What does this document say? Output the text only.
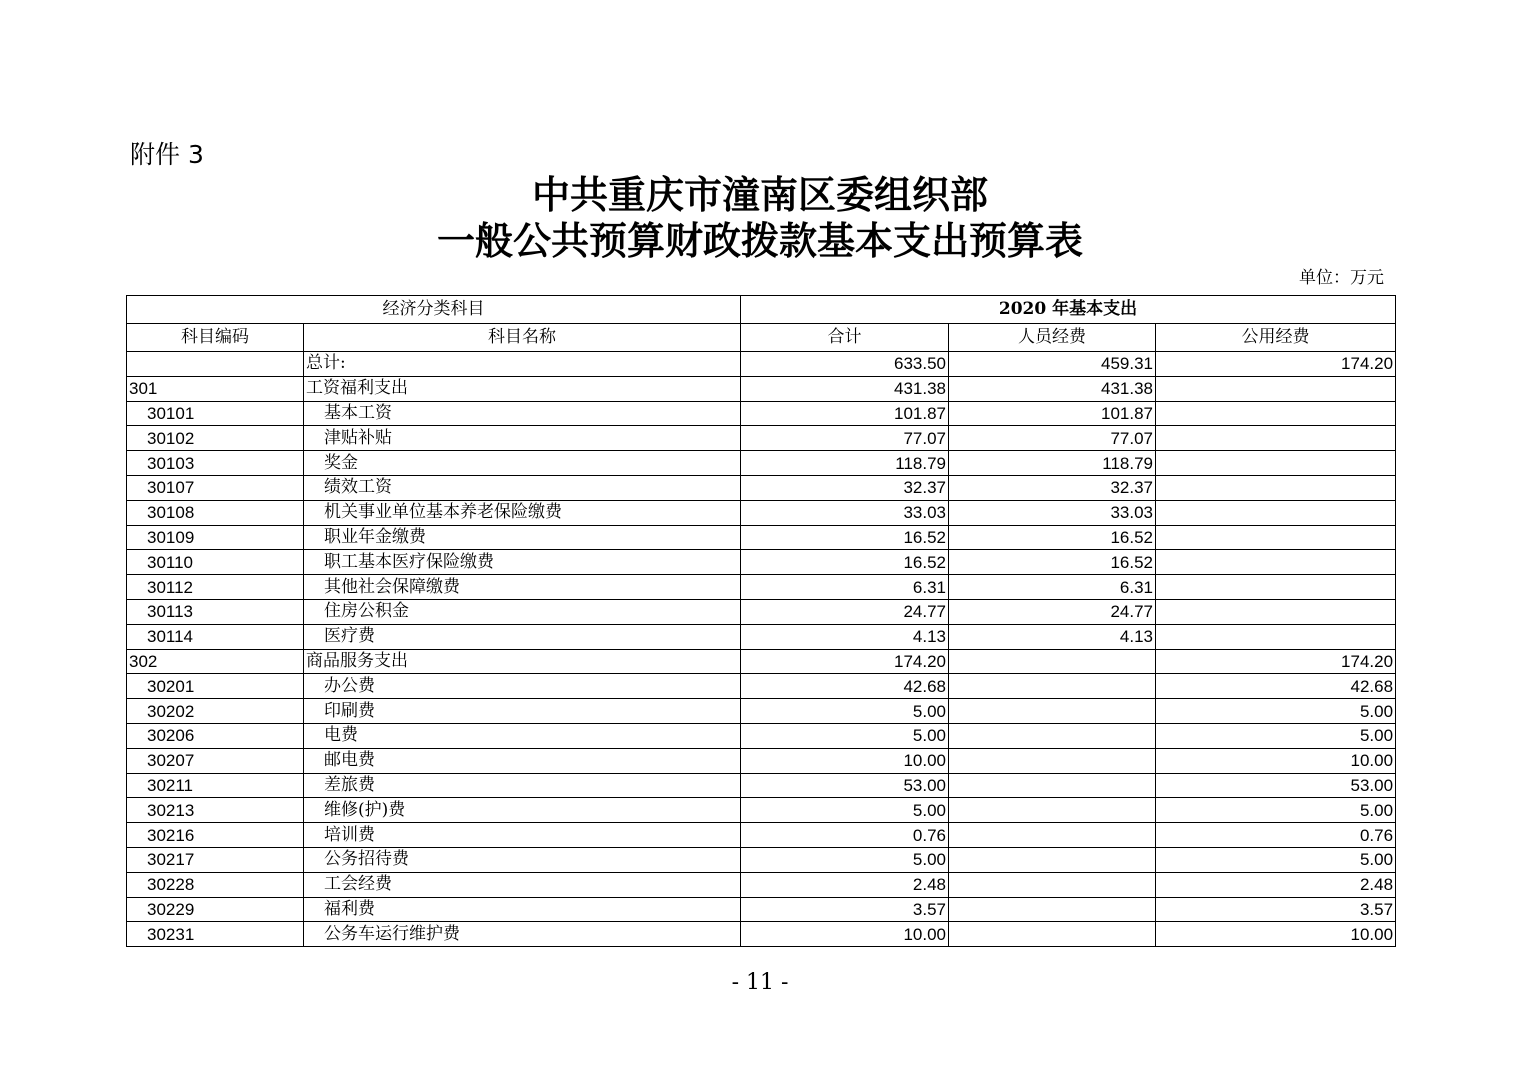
附件 3
中共重庆市潼南区委组织部
一般公共预算财政拨款基本支出预算表
单位：万元
经济分类科目		2020 年基本支出		
科目编码	科目名称	合计	人员经费	公用经费
	总计:	633.50	459.31	174.20
301	工资福利支出	431.38	431.38	
30101	基本工资	101.87	101.87	
30102	津贴补贴	77.07	77.07	
30103	奖金	118.79	118.79	
30107	绩效工资	32.37	32.37	
30108	机关事业单位基本养老保险缴费	33.03	33.03	
30109	职业年金缴费	16.52	16.52	
30110	职工基本医疗保险缴费	16.52	16.52	
30112	其他社会保障缴费	6.31	6.31	
30113	住房公积金	24.77	24.77	
30114	医疗费	4.13	4.13	
302	商品服务支出	174.20		174.20
30201	办公费	42.68		42.68
30202	印刷费	5.00		5.00
30206	电费	5.00		5.00
30207	邮电费	10.00		10.00
30211	差旅费	53.00		53.00
30213	维修(护)费	5.00		5.00
30216	培训费	0.76		0.76
30217	公务招待费	5.00		5.00
30228	工会经费	2.48		2.48
30229	福利费	3.57		3.57
30231	公务车运行维护费	10.00		10.00
- 11 -
